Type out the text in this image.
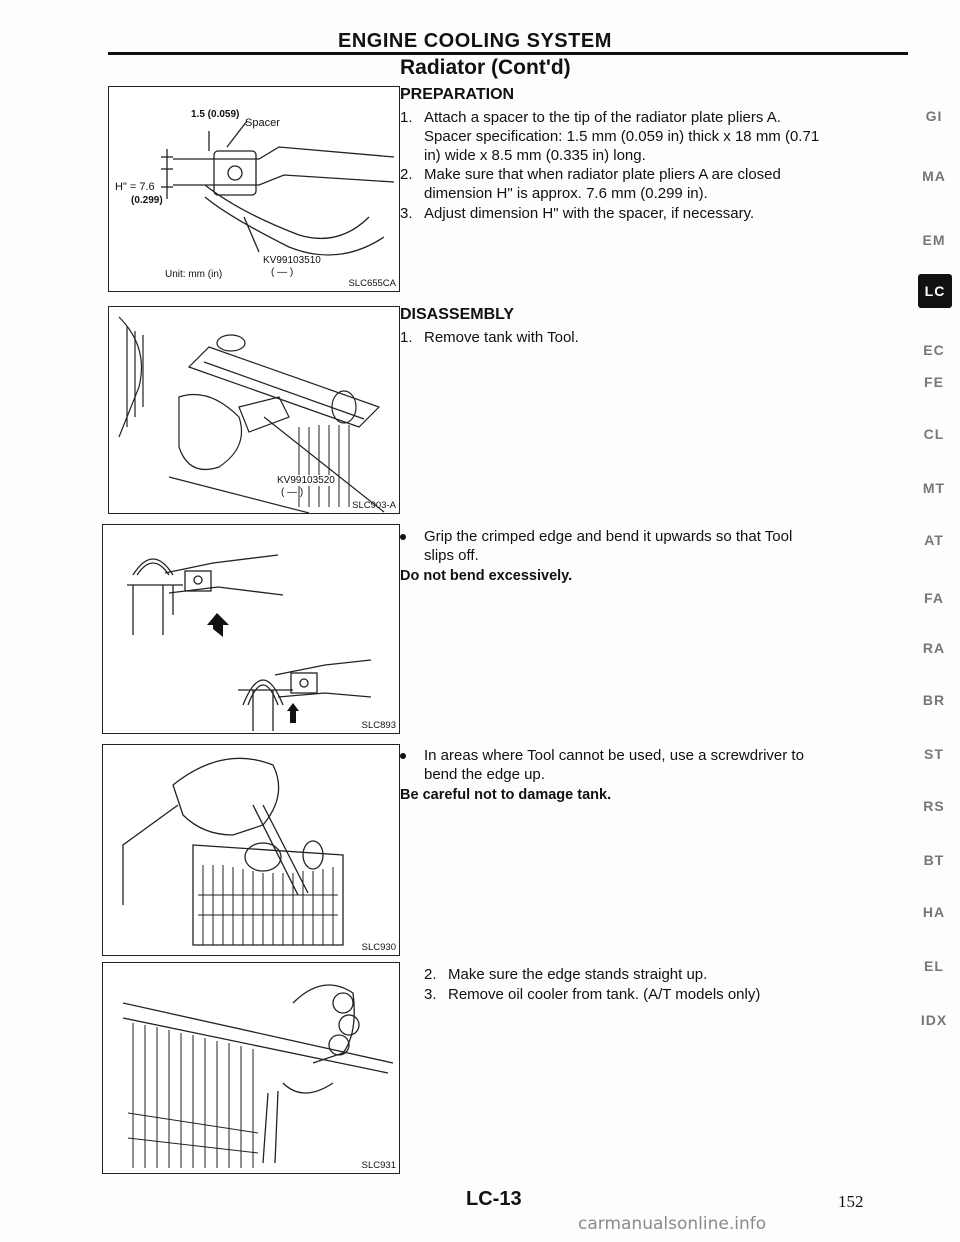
ENGINE COOLING SYSTEM
Radiator (Cont'd)
1.5 (0.059)
Spacer
H" = 7.6
(0.299)
KV99103510
( — )
Unit: mm (in)
SLC655CA
KV99103520
( — )
SLC903-A
SLC893
SLC930
SLC931
PREPARATION
1. Attach a spacer to the tip of the radiator plate pliers A.
Spacer specification: 1.5 mm (0.059 in) thick x 18 mm (0.71
in) wide x 8.5 mm (0.335 in) long.
2. Make sure that when radiator plate pliers A are closed
dimension H" is approx. 7.6 mm (0.299 in).
3. Adjust dimension H" with the spacer, if necessary.
DISASSEMBLY
1. Remove tank with Tool.
Grip the crimped edge and bend it upwards so that Tool
slips off.
Do not bend excessively.
In areas where Tool cannot be used, use a screwdriver to
bend the edge up.
Be careful not to damage tank.
2. Make sure the edge stands straight up.
3. Remove oil cooler from tank. (A/T models only)
GI
MA
EM
LC
EC
FE
CL
MT
AT
FA
RA
BR
ST
RS
BT
HA
EL
IDX
LC-13	152
carmanualsonline.info
